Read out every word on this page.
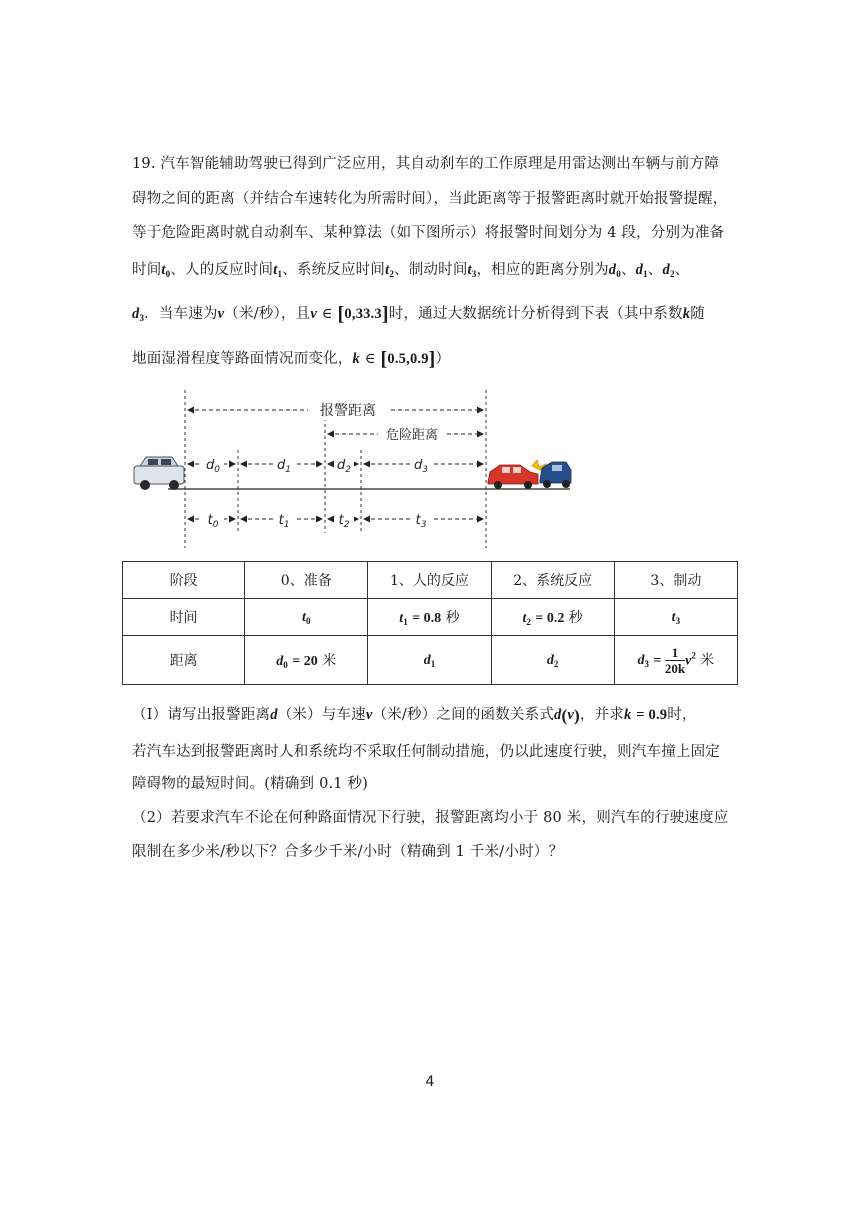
19. 汽车智能辅助驾驶已得到广泛应用，其自动刹车的工作原理是用雷达测出车辆与前方障
碍物之间的距离（并结合车速转化为所需时间），当此距离等于报警距离时就开始报警提醒，
等于危险距离时就自动刹车、某种算法（如下图所示）将报警时间划分为 4 段，分别为准备
时间$t_0$、人的反应时间$t_1$、系统反应时间$t_2$、制动时间$t_3$，相应的距离分别为$d_0$、$d_1$、$d_2$、
$d_3$．当车速为v（米/秒），且v ∈ [0,33.3]时，通过大数据统计分析得到下表（其中系数k随
地面湿滑程度等路面情况而变化，k ∈ [0.5,0.9]）
报警距离
危险距离
$d_0$	$d_1$	$d_2$	$d_3$
$t_0$	$t_1$	$t_2$	$t_3$
阶段	0、准备	1、人的反应	2、系统反应	3、制动
时间	$t_0$	$t_1 = 0.8$ 秒	$t_2 = 0.2$ 秒	$t_3$
距离	$d_0 = 20$ 米	$d_1$	$d_2$	$d_3 = \frac{1}{20k} v^2$ 米
（I）请写出报警距离d（米）与车速v（米/秒）之间的函数关系式d(v)，并求k = 0.9时，
若汽车达到报警距离时人和系统均不采取任何制动措施，仍以此速度行驶，则汽车撞上固定
障碍物的最短时间。(精确到 0.1 秒)
（2）若要求汽车不论在何种路面情况下行驶，报警距离均小于 80 米，则汽车的行驶速度应
限制在多少米/秒以下？合多少千米/小时（精确到 1 千米/小时）？
4
